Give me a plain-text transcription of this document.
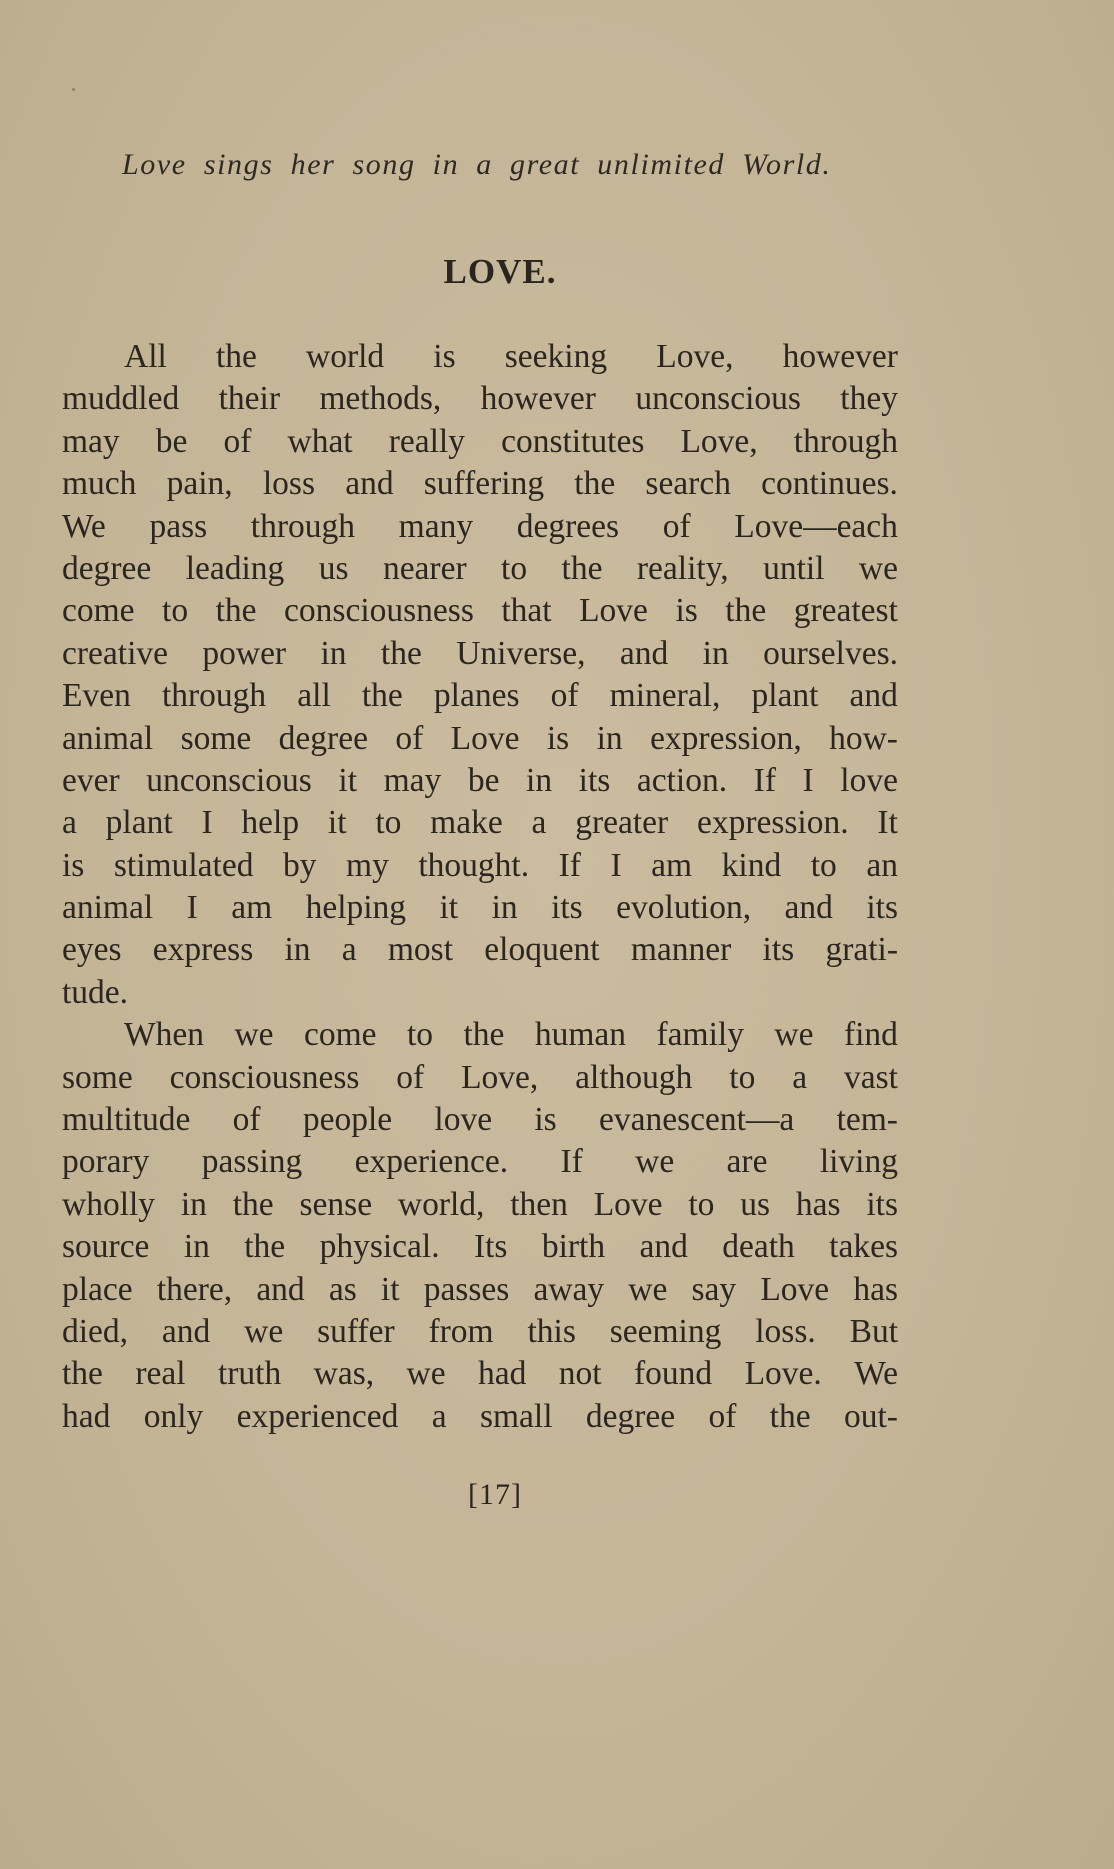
Love sings her song in a great unlimited World.
LOVE.
All the world is seeking Love, however
muddled their methods, however unconscious they
may be of what really constitutes Love, through
much pain, loss and suffering the search continues.
We pass through many degrees of Love—each
degree leading us nearer to the reality, until we
come to the consciousness that Love is the greatest
creative power in the Universe, and in ourselves.
Even through all the planes of mineral, plant and
animal some degree of Love is in expression, how-
ever unconscious it may be in its action. If I love
a plant I help it to make a greater expression. It
is stimulated by my thought. If I am kind to an
animal I am helping it in its evolution, and its
eyes express in a most eloquent manner its grati-
tude.
When we come to the human family we find
some consciousness of Love, although to a vast
multitude of people love is evanescent—a tem-
porary passing experience. If we are living
wholly in the sense world, then Love to us has its
source in the physical. Its birth and death takes
place there, and as it passes away we say Love has
died, and we suffer from this seeming loss. But
the real truth was, we had not found Love. We
had only experienced a small degree of the out-
[17]
